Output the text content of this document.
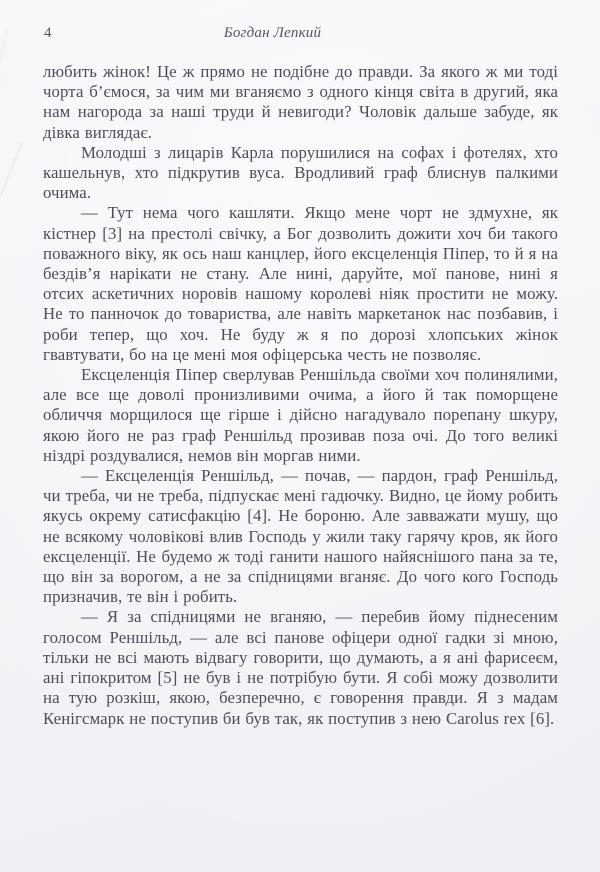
4	Богдан Лепкий

любить жінок! Це ж прямо не подібне до правди. За якого ж ми тоді чорта б’ємося, за чим ми вганяємо з одного кінця світа в другий, яка нам нагорода за наші труди й невигоди? Чоловік дальше забуде, як дівка виглядає.

Молодші з лицарів Карла порушилися на софах і фотелях, хто кашельнув, хто підкрутив вуса. Вродливий граф блиснув палкими очима.

— Тут нема чого кашляти. Якщо мене чорт не здмухне, як кістнер [3] на престолі свічку, а Бог дозволить дожити хоч би такого поважного віку, як ось наш канцлер, його ексцеленція Піпер, то й я на бездів’я нарікати не стану. Але нині, даруйте, мої панове, нині я отсих аскетичних норовів нашому королеві ніяк простити не можу. Не то панночок до товариства, але навіть маркетанок нас позбавив, і роби тепер, що хоч. Не буду ж я по дорозі хлопських жінок гвавтувати, бо на це мені моя офіцерська честь не позволяє.

Ексцеленція Піпер сверлував Реншільда своїми хоч полинялими, але все ще доволі пронизливими очима, а його й так поморщене обличчя морщилося ще гірше і дійсно нагадувало порепану шкуру, якою його не раз граф Реншільд прозивав поза очі. До того великі ніздрі роздувалися, немов він моргав ними.

— Ексцеленція Реншільд, — почав, — пардон, граф Реншільд, чи треба, чи не треба, підпускає мені гадючку. Видно, це йому робить якусь окрему сатисфакцію [4]. Не бороню. Але завважати мушу, що не всякому чоловікові влив Господь у жили таку гарячу кров, як його ексцеленції. Не будемо ж тоді ганити нашого найяснішого пана за те, що він за ворогом, а не за спідницями вганяє. До чого кого Господь призначив, те він і робить.

— Я за спідницями не вганяю, — перебив йому піднесеним голосом Реншільд, — але всі панове офіцери одної гадки зі мною, тільки не всі мають відвагу говорити, що думають, а я ані фарисеєм, ані гіпокритом [5] не був і не потрібую бути. Я собі можу дозволити на тую розкіш, якою, безперечно, є говорення правди. Я з мадам Кенігсмарк не поступив би був так, як поступив з нею Carolus rex [6].
